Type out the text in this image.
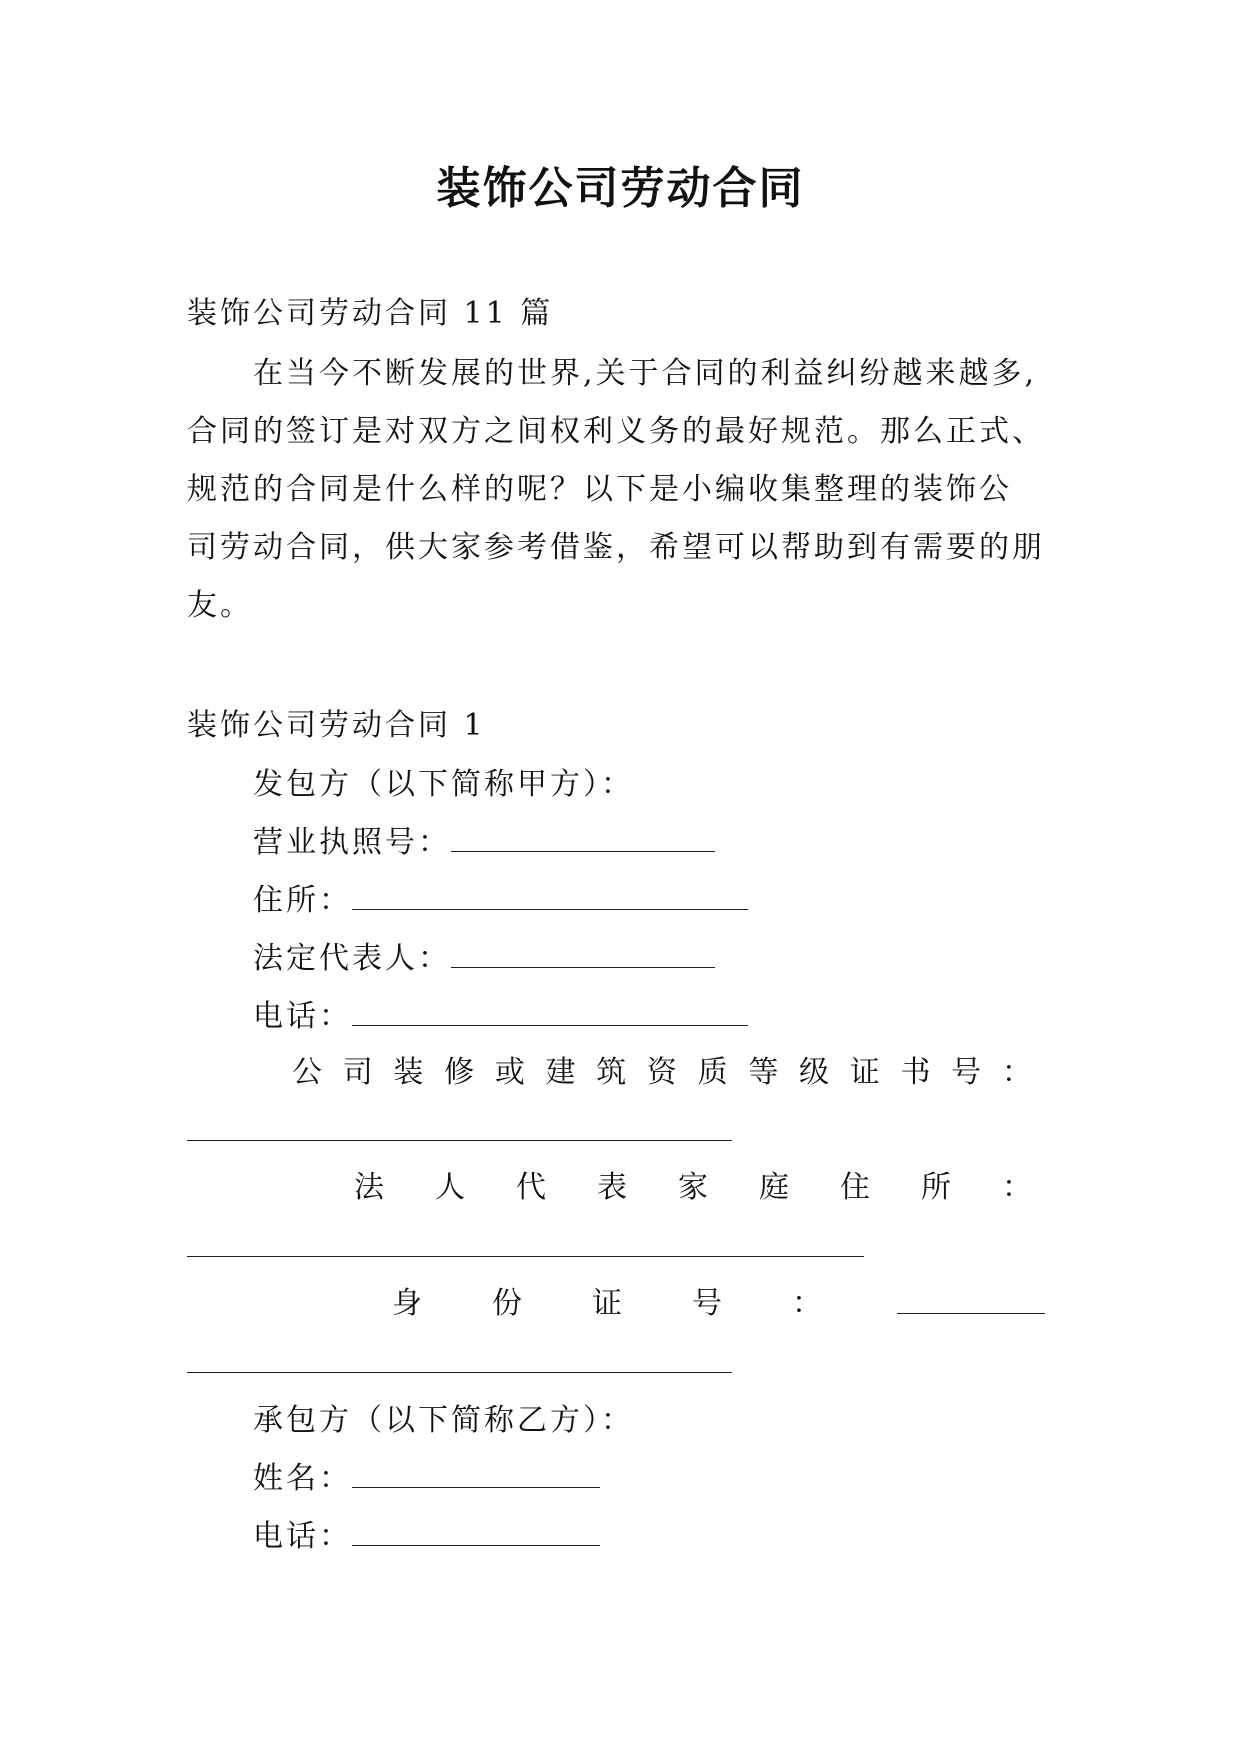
装饰公司劳动合同
装饰公司劳动合同 11 篇
在当今不断发展的世界,关于合同的利益纠纷越来越多,
合同的签订是对双方之间权利义务的最好规范。那么正式、
规范的合同是什么样的呢？以下是小编收集整理的装饰公
司劳动合同，供大家参考借鉴，希望可以帮助到有需要的朋
友。
装饰公司劳动合同 1
发包方（以下简称甲方）：
营业执照号：
住所：
法定代表人：
电话：
公 司 装 修 或 建 筑 资 质 等 级 证 书 号 ：
法 人 代 表 家 庭 住 所 ：
身 份 证 号 ：
承包方（以下简称乙方）：
姓名：
电话：
